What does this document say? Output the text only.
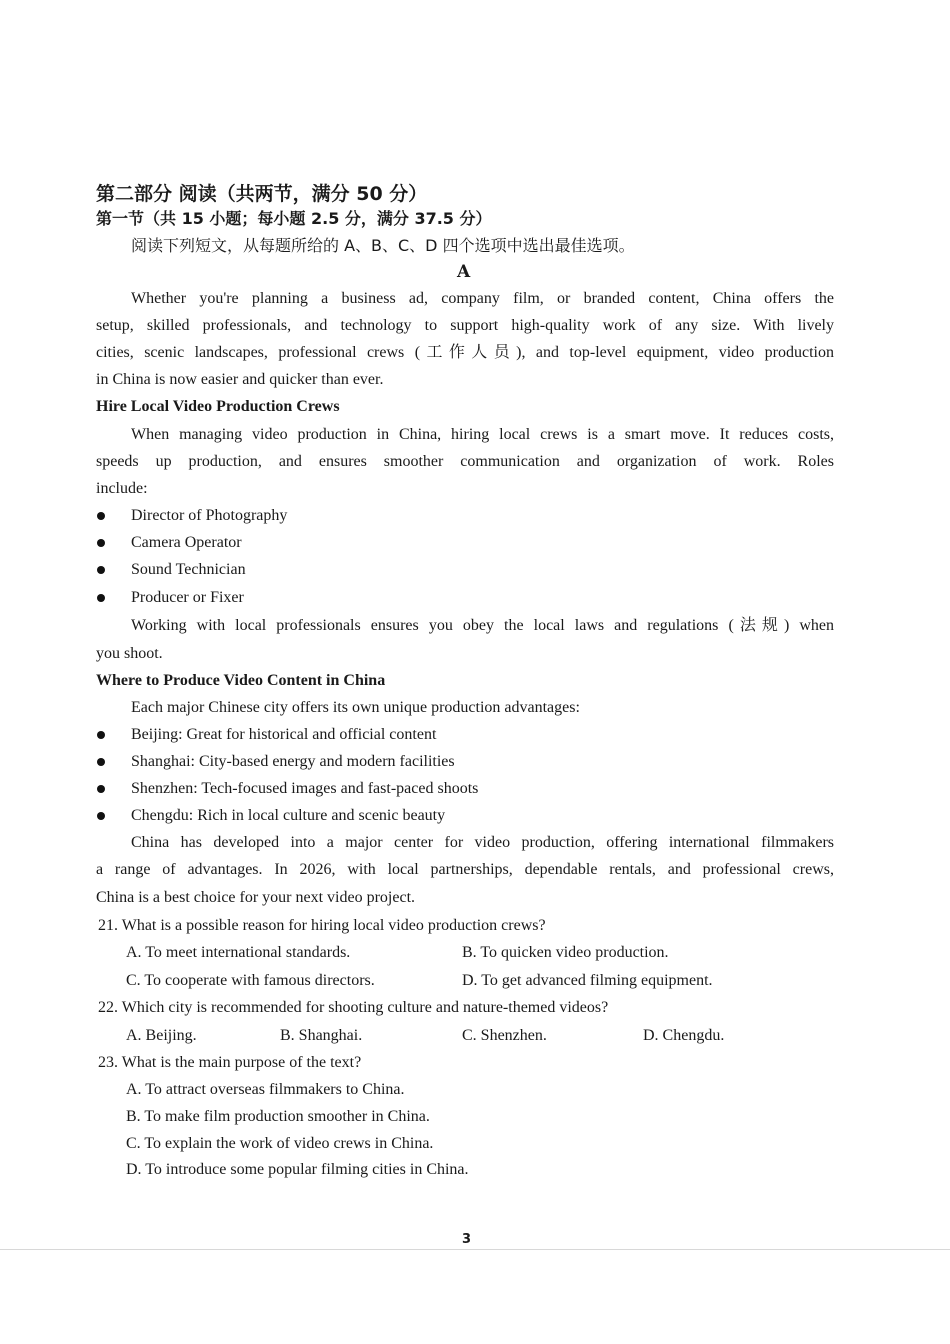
第二部分 阅读（共两节，满分 50 分）
第一节（共 15 小题；每小题 2.5 分，满分 37.5 分）
阅读下列短文，从每题所给的 A、B、C、D 四个选项中选出最佳选项。
A
Whether you're planning a business ad, company film, or branded content, China offers the
setup, skilled professionals, and technology to support high-quality work of any size. With lively
cities, scenic landscapes, professional crews (工作人员), and top-level equipment, video production
in China is now easier and quicker than ever.
Hire Local Video Production Crews
When managing video production in China, hiring local crews is a smart move. It reduces costs,
speeds up production, and ensures smoother communication and organization of work. Roles
include:
Director of Photography
Camera Operator
Sound Technician
Producer or Fixer
Working with local professionals ensures you obey the local laws and regulations (法规) when
you shoot.
Where to Produce Video Content in China
Each major Chinese city offers its own unique production advantages:
Beijing: Great for historical and official content
Shanghai: City-based energy and modern facilities
Shenzhen: Tech-focused images and fast-paced shoots
Chengdu: Rich in local culture and scenic beauty
China has developed into a major center for video production, offering international filmmakers
a range of advantages. In 2026, with local partnerships, dependable rentals, and professional crews,
China is a best choice for your next video project.
21. What is a possible reason for hiring local video production crews?
A. To meet international standards.	B. To quicken video production.
C. To cooperate with famous directors.	D. To get advanced filming equipment.
22. Which city is recommended for shooting culture and nature-themed videos?
A. Beijing.	B. Shanghai.	C. Shenzhen.	D. Chengdu.
23. What is the main purpose of the text?
A. To attract overseas filmmakers to China.
B. To make film production smoother in China.
C. To explain the work of video crews in China.
D. To introduce some popular filming cities in China.
3
